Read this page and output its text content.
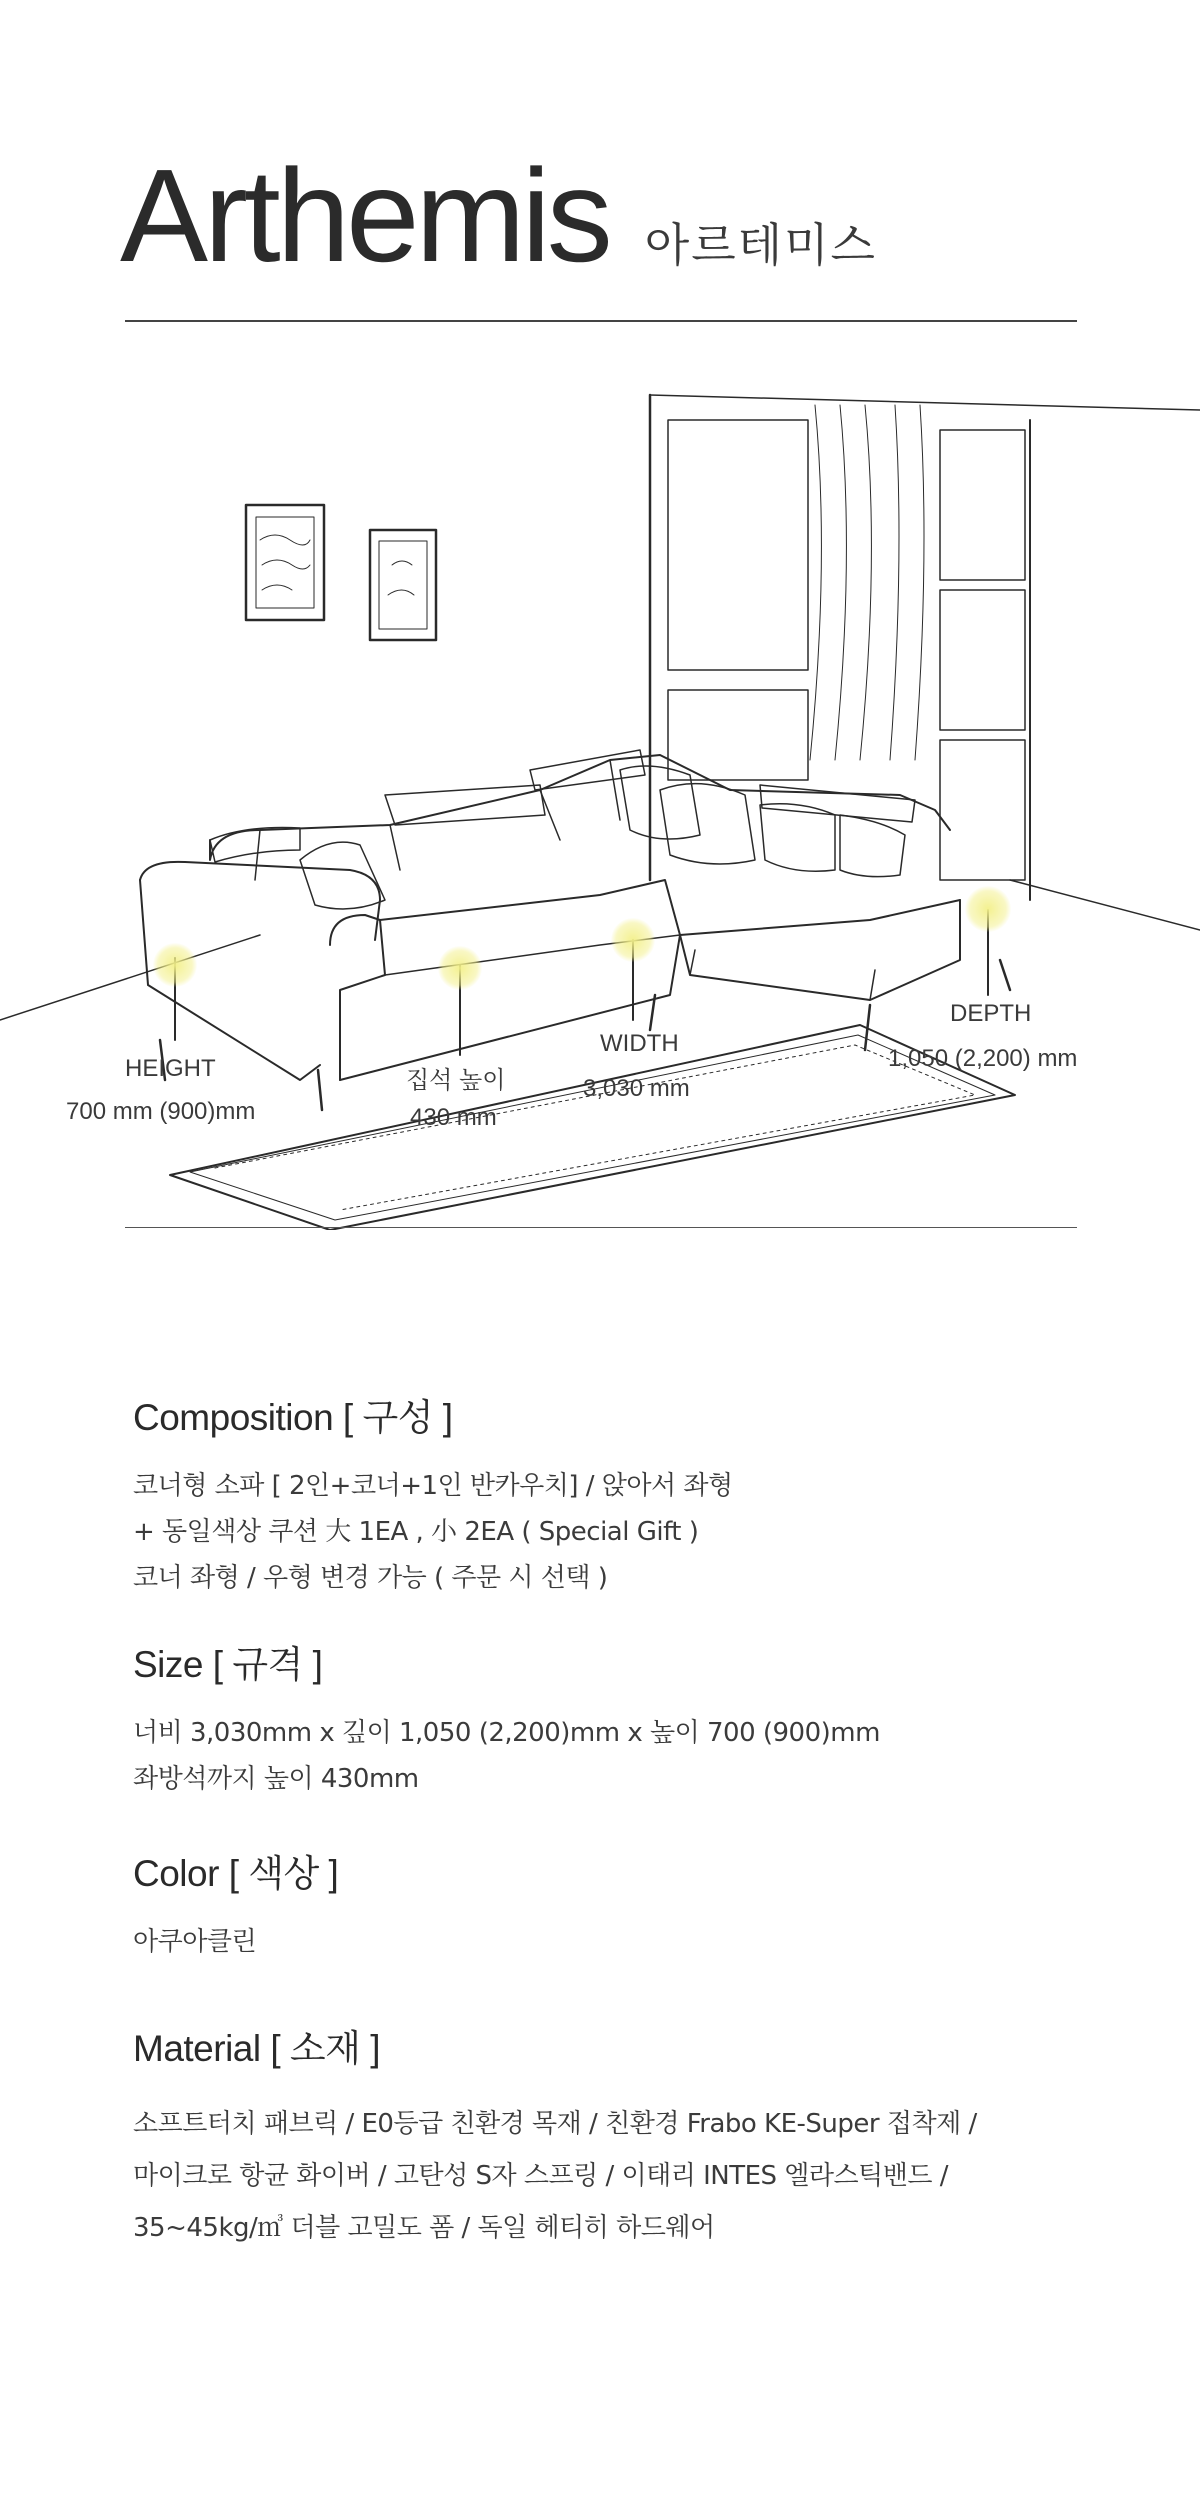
Arthemis 아르테미스
HEIGHT
700 mm (900)mm
집석 높이
430 mm
WIDTH
3,030 mm
DEPTH
1,050 (2,200) mm
Composition [ 구성 ]
코너형 소파 [ 2인+코너+1인 반카우치] / 앉아서 좌형
+ 동일색상 쿠션 大 1EA , 小 2EA ( Special Gift )
코너 좌형 / 우형 변경 가능 ( 주문 시 선택 )
Size [ 규격 ]
너비 3,030mm x 깊이 1,050 (2,200)mm x 높이 700 (900)mm
좌방석까지 높이 430mm
Color [ 색상 ]
아쿠아클린
Material [ 소재 ]
소프트터치 패브릭 / E0등급 친환경 목재 / 친환경 Frabo KE-Super 접착제 /
마이크로 항균 화이버 / 고탄성 S자 스프링 / 이태리 INTES 엘라스틱밴드 /
35~45kg/㎥ 더블 고밀도 폼 / 독일 헤티히 하드웨어
